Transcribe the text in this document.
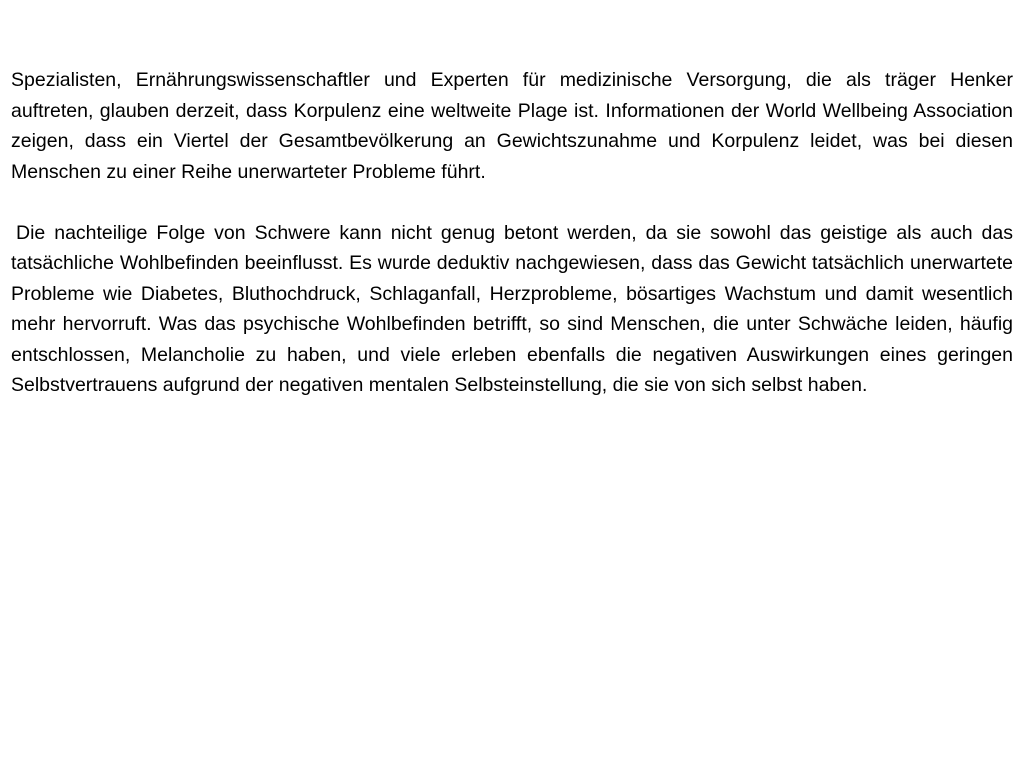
Spezialisten, Ernährungswissenschaftler und Experten für medizinische Versorgung, die als träger Henker auftreten, glauben derzeit, dass Korpulenz eine weltweite Plage ist. Informationen der World Wellbeing Association zeigen, dass ein Viertel der Gesamtbevölkerung an Gewichtszunahme und Korpulenz leidet, was bei diesen Menschen zu einer Reihe unerwarteter Probleme führt.

Die nachteilige Folge von Schwere kann nicht genug betont werden, da sie sowohl das geistige als auch das tatsächliche Wohlbefinden beeinflusst. Es wurde deduktiv nachgewiesen, dass das Gewicht tatsächlich unerwartete Probleme wie Diabetes, Bluthochdruck, Schlaganfall, Herzprobleme, bösartiges Wachstum und damit wesentlich mehr hervorruft. Was das psychische Wohlbefinden betrifft, so sind Menschen, die unter Schwäche leiden, häufig entschlossen, Melancholie zu haben, und viele erleben ebenfalls die negativen Auswirkungen eines geringen Selbstvertrauens aufgrund der negativen mentalen Selbsteinstellung, die sie von sich selbst haben.
